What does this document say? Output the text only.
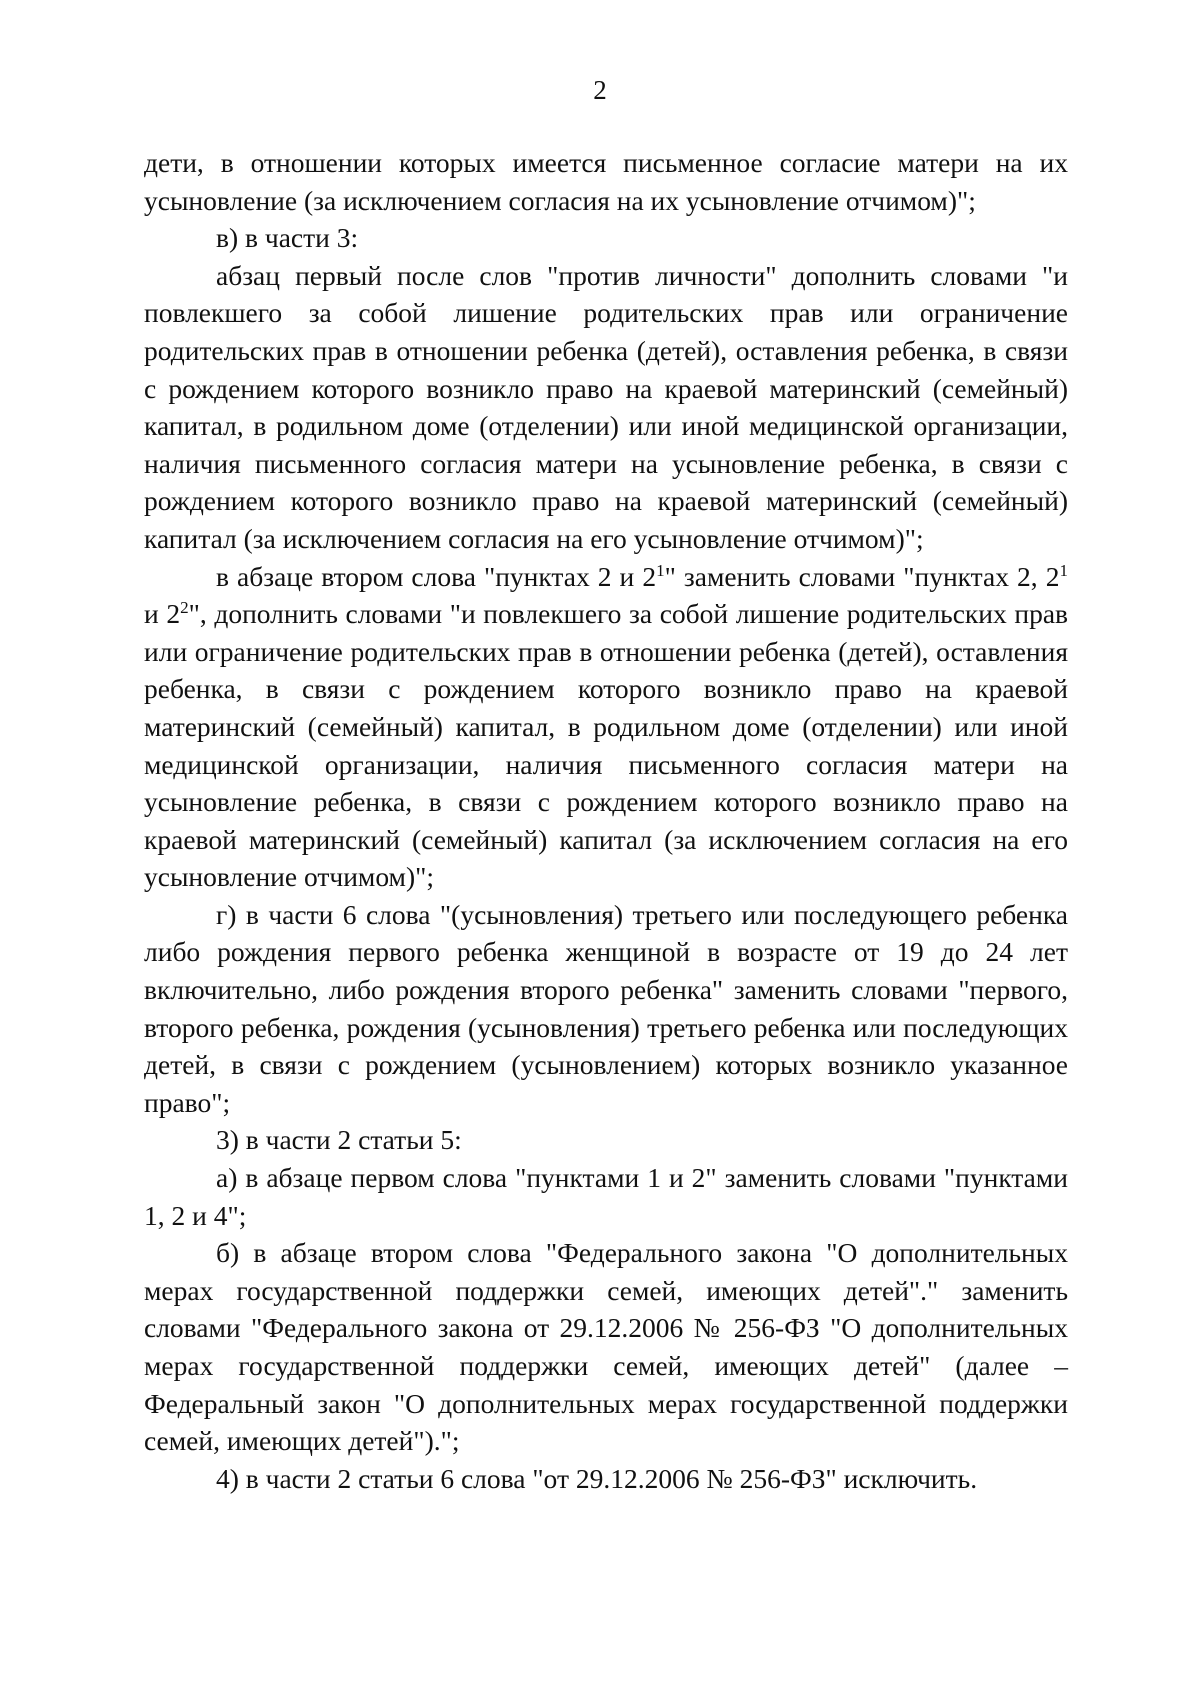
2

дети, в отношении которых имеется письменное согласие матери на их усыновление (за исключением согласия на их усыновление отчимом)";

в) в части 3:

абзац первый после слов "против личности" дополнить словами "и повлекшего за собой лишение родительских прав или ограничение родительских прав в отношении ребенка (детей), оставления ребенка, в связи с рождением которого возникло право на краевой материнский (семейный) капитал, в родильном доме (отделении) или иной медицинской организации, наличия письменного согласия матери на усыновление ребенка, в связи с рождением которого возникло право на краевой материнский (семейный) капитал (за исключением согласия на его усыновление отчимом)";

в абзаце втором слова "пунктах 2 и $2^1$" заменить словами "пунктах 2, $2^1$ и $2^2$", дополнить словами "и повлекшего за собой лишение родительских прав или ограничение родительских прав в отношении ребенка (детей), оставления ребенка, в связи с рождением которого возникло право на краевой материнский (семейный) капитал, в родильном доме (отделении) или иной медицинской организации, наличия письменного согласия матери на усыновление ребенка, в связи с рождением которого возникло право на краевой материнский (семейный) капитал (за исключением согласия на его усыновление отчимом)";

г) в части 6 слова "(усыновления) третьего или последующего ребенка либо рождения первого ребенка женщиной в возрасте от 19 до 24 лет включительно, либо рождения второго ребенка" заменить словами "первого, второго ребенка, рождения (усыновления) третьего ребенка или последующих детей, в связи с рождением (усыновлением) которых возникло указанное право";

3) в части 2 статьи 5:

а) в абзаце первом слова "пунктами 1 и 2" заменить словами "пунктами 1, 2 и 4";

б) в абзаце втором слова "Федерального закона "О дополнительных мерах государственной поддержки семей, имеющих детей"." заменить словами "Федерального закона от 29.12.2006 № 256-ФЗ "О дополнительных мерах государственной поддержки семей, имеющих детей" (далее – Федеральный закон "О дополнительных мерах государственной поддержки семей, имеющих детей").";

4) в части 2 статьи 6 слова "от 29.12.2006 № 256-ФЗ" исключить.
